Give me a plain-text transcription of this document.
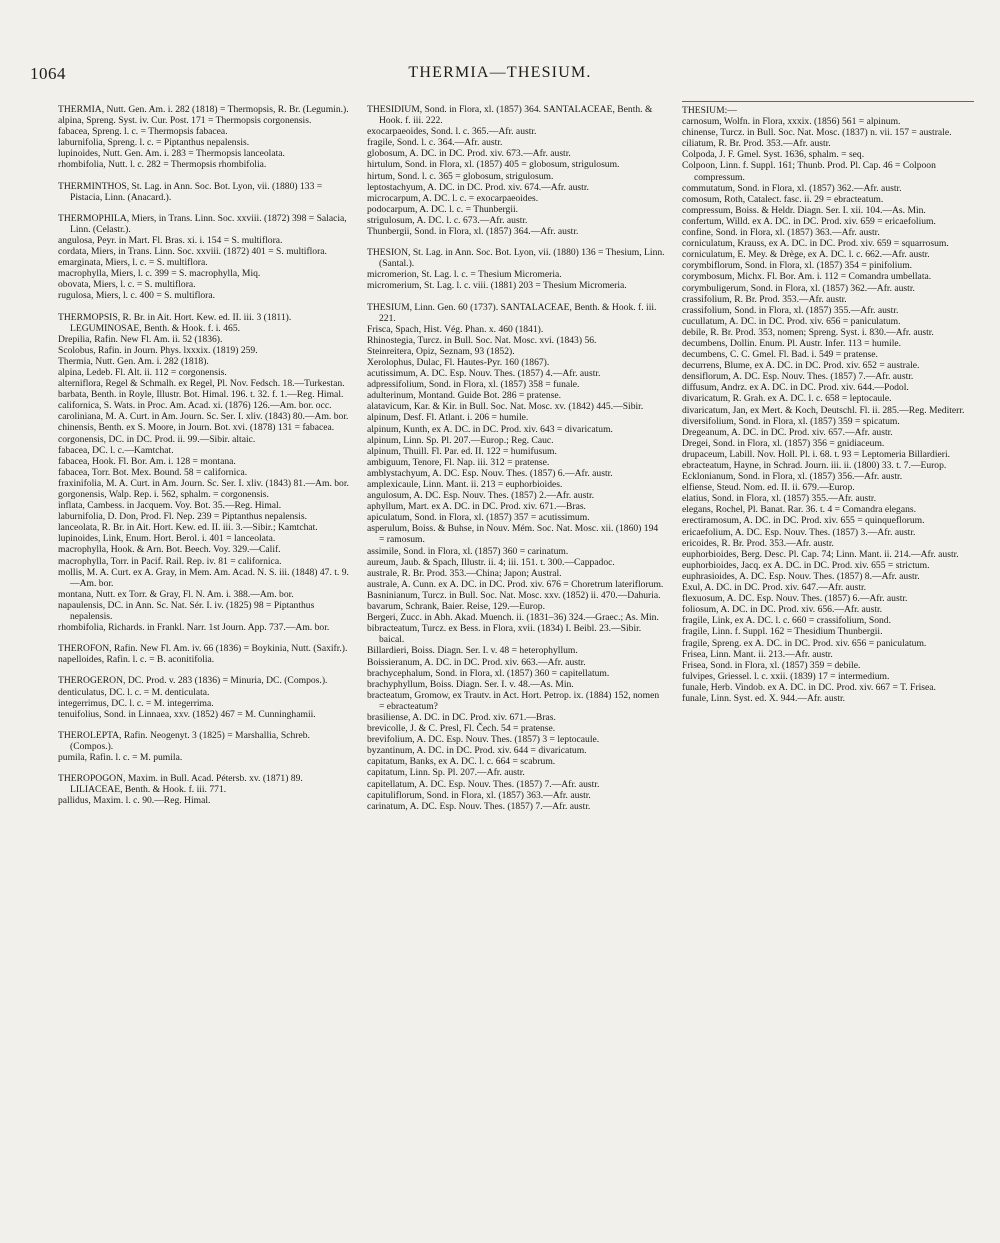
1064	THERMIA—THESIUM.

THERMIA, Nutt. Gen. Am. i. 282 (1818) = Thermopsis, R. Br. (Legumin.).

alpina, Spreng. Syst. iv. Cur. Post. 171 = Thermopsis corgonensis.

fabacea, Spreng. l. c. = Thermopsis fabacea.

laburnifolia, Spreng. l. c. = Piptanthus nepalensis.

lupinoides, Nutt. Gen. Am. i. 283 = Thermopsis lanceolata.

rhombifolia, Nutt. l. c. 282 = Thermopsis rhombifolia.

THERMINTHOS, St. Lag. in Ann. Soc. Bot. Lyon, vii. (1880) 133 = Pistacia, Linn. (Anacard.).

THERMOPHILA, Miers, in Trans. Linn. Soc. xxviii. (1872) 398 = Salacia, Linn. (Celastr.).

angulosa, Peyr. in Mart. Fl. Bras. xi. i. 154 = S. multiflora.

cordata, Miers, in Trans. Linn. Soc. xxviii. (1872) 401 = S. multiflora.

emarginata, Miers, l. c. = S. multiflora.

macrophylla, Miers, l. c. 399 = S. macrophylla, Miq.

obovata, Miers, l. c. = S. multiflora.

rugulosa, Miers, l. c. 400 = S. multiflora.

THERMOPSIS, R. Br. in Ait. Hort. Kew. ed. II. iii. 3 (1811). LEGUMINOSAE, Benth. & Hook. f. i. 465.

Drepilia, Rafin. New Fl. Am. ii. 52 (1836).

Scolobus, Rafin. in Journ. Phys. lxxxix. (1819) 259.

Thermia, Nutt. Gen. Am. i. 282 (1818).

alpina, Ledeb. Fl. Alt. ii. 112 = corgonensis.

alterniflora, Regel & Schmalh. ex Regel, Pl. Nov. Fedsch. 18.—Turkestan.

barbata, Benth. in Royle, Illustr. Bot. Himal. 196. t. 32. f. 1.—Reg. Himal.

californica, S. Wats. in Proc. Am. Acad. xi. (1876) 126.—Am. bor. occ.

caroliniana, M. A. Curt. in Am. Journ. Sc. Ser. I. xliv. (1843) 80.—Am. bor.

chinensis, Benth. ex S. Moore, in Journ. Bot. xvi. (1878) 131 = fabacea.

corgonensis, DC. in DC. Prod. ii. 99.—Sibir. altaic.

fabacea, DC. l. c.—Kamtchat.

fabacea, Hook. Fl. Bor. Am. i. 128 = montana.

fabacea, Torr. Bot. Mex. Bound. 58 = californica.

fraxinifolia, M. A. Curt. in Am. Journ. Sc. Ser. I. xliv. (1843) 81.—Am. bor.

gorgonensis, Walp. Rep. i. 562, sphalm. = corgonensis.

inflata, Cambess. in Jacquem. Voy. Bot. 35.—Reg. Himal.

laburnifolia, D. Don, Prod. Fl. Nep. 239 = Piptanthus nepalensis.

lanceolata, R. Br. in Ait. Hort. Kew. ed. II. iii. 3.—Sibir.; Kamtchat.

lupinoides, Link, Enum. Hort. Berol. i. 401 = lanceolata.

macrophylla, Hook. & Arn. Bot. Beech. Voy. 329.—Calif.

macrophylla, Torr. in Pacif. Rail. Rep. iv. 81 = californica.

mollis, M. A. Curt. ex A. Gray, in Mem. Am. Acad. N. S. iii. (1848) 47. t. 9.—Am. bor.

montana, Nutt. ex Torr. & Gray, Fl. N. Am. i. 388.—Am. bor.

napaulensis, DC. in Ann. Sc. Nat. Sér. I. iv. (1825) 98 = Piptanthus nepalensis.

rhombifolia, Richards. in Frankl. Narr. 1st Journ. App. 737.—Am. bor.

THEROFON, Rafin. New Fl. Am. iv. 66 (1836) = Boykinia, Nutt. (Saxifr.).

napelloides, Rafin. l. c. = B. aconitifolia.

THEROGERON, DC. Prod. v. 283 (1836) = Minuria, DC. (Compos.).

denticulatus, DC. l. c. = M. denticulata.

integerrimus, DC. l. c. = M. integerrima.

tenuifolius, Sond. in Linnaea, xxv. (1852) 467 = M. Cunninghamii.

THEROLEPTA, Rafin. Neogenyt. 3 (1825) = Marshallia, Schreb. (Compos.).

pumila, Rafin. l. c. = M. pumila.

THEROPOGON, Maxim. in Bull. Acad. Pétersb. xv. (1871) 89. LILIACEAE, Benth. & Hook. f. iii. 771.

pallidus, Maxim. l. c. 90.—Reg. Himal.

THESIDIUM, Sond. in Flora, xl. (1857) 364. SANTALACEAE, Benth. & Hook. f. iii. 222.

exocarpaeoides, Sond. l. c. 365.—Afr. austr.

fragile, Sond. l. c. 364.—Afr. austr.

globosum, A. DC. in DC. Prod. xiv. 673.—Afr. austr.

hirtulum, Sond. in Flora, xl. (1857) 405 = globosum, strigulosum.

hirtum, Sond. l. c. 365 = globosum, strigulosum.

leptostachyum, A. DC. in DC. Prod. xiv. 674.—Afr. austr.

microcarpum, A. DC. l. c. = exocarpaeoides.

podocarpum, A. DC. l. c. = Thunbergii.

strigulosum, A. DC. l. c. 673.—Afr. austr.

Thunbergii, Sond. in Flora, xl. (1857) 364.—Afr. austr.

THESION, St. Lag. in Ann. Soc. Bot. Lyon, vii. (1880) 136 = Thesium, Linn. (Santal.).

micromerion, St. Lag. l. c. = Thesium Micromeria.

micromerium, St. Lag. l. c. viii. (1881) 203 = Thesium Micromeria.

THESIUM, Linn. Gen. 60 (1737). SANTALACEAE, Benth. & Hook. f. iii. 221.

Frisca, Spach, Hist. Vég. Phan. x. 460 (1841).

Rhinostegia, Turcz. in Bull. Soc. Nat. Mosc. xvi. (1843) 56.

Steinreitera, Opiz, Seznam, 93 (1852).

Xerolophus, Dulac, Fl. Hautes-Pyr. 160 (1867).

acutissimum, A. DC. Esp. Nouv. Thes. (1857) 4.—Afr. austr.

adpressifolium, Sond. in Flora, xl. (1857) 358 = funale.

adulterinum, Montand. Guide Bot. 286 = pratense.

alatavicum, Kar. & Kir. in Bull. Soc. Nat. Mosc. xv. (1842) 445.—Sibir.

alpinum, Desf. Fl. Atlant. i. 206 = humile.

alpinum, Kunth, ex A. DC. in DC. Prod. xiv. 643 = divaricatum.

alpinum, Linn. Sp. Pl. 207.—Europ.; Reg. Cauc.

alpinum, Thuill. Fl. Par. ed. II. 122 = humifusum.

ambiguum, Tenore, Fl. Nap. iii. 312 = pratense.

amblystachyum, A. DC. Esp. Nouv. Thes. (1857) 6.—Afr. austr.

amplexicaule, Linn. Mant. ii. 213 = euphorbioides.

angulosum, A. DC. Esp. Nouv. Thes. (1857) 2.—Afr. austr.

aphyllum, Mart. ex A. DC. in DC. Prod. xiv. 671.—Bras.

apiculatum, Sond. in Flora, xl. (1857) 357 = acutissimum.

asperulum, Boiss. & Buhse, in Nouv. Mém. Soc. Nat. Mosc. xii. (1860) 194 = ramosum.

assimile, Sond. in Flora, xl. (1857) 360 = carinatum.

aureum, Jaub. & Spach, Illustr. ii. 4; iii. 151. t. 300.—Cappadoc.

australe, R. Br. Prod. 353.—China; Japon; Austral.

australe, A. Cunn. ex A. DC. in DC. Prod. xiv. 676 = Choretrum lateriflorum.

Basninianum, Turcz. in Bull. Soc. Nat. Mosc. xxv. (1852) ii. 470.—Dahuria.

bavarum, Schrank, Baier. Reise, 129.—Europ.

Bergeri, Zucc. in Abh. Akad. Muench. ii. (1831–36) 324.—Graec.; As. Min.

bibracteatum, Turcz. ex Bess. in Flora, xvii. (1834) I. Beibl. 23.—Sibir. baical.

Billardieri, Boiss. Diagn. Ser. I. v. 48 = heterophyllum.

Boissieranum, A. DC. in DC. Prod. xiv. 663.—Afr. austr.

brachycephalum, Sond. in Flora, xl. (1857) 360 = capitellatum.

brachyphyllum, Boiss. Diagn. Ser. I. v. 48.—As. Min.

bracteatum, Gromow, ex Trautv. in Act. Hort. Petrop. ix. (1884) 152, nomen = ebracteatum?

brasiliense, A. DC. in DC. Prod. xiv. 671.—Bras.

brevicolle, J. & C. Presl, Fl. Čech. 54 = pratense.

brevifolium, A. DC. Esp. Nouv. Thes. (1857) 3 = leptocaule.

byzantinum, A. DC. in DC. Prod. xiv. 644 = divaricatum.

capitatum, Banks, ex A. DC. l. c. 664 = scabrum.

capitatum, Linn. Sp. Pl. 207.—Afr. austr.

capitellatum, A. DC. Esp. Nouv. Thes. (1857) 7.—Afr. austr.

capituliflorum, Sond. in Flora, xl. (1857) 363.—Afr. austr.

carinatum, A. DC. Esp. Nouv. Thes. (1857) 7.—Afr. austr.

THESIUM:—

carnosum, Wolfn. in Flora, xxxix. (1856) 561 = alpinum.

chinense, Turcz. in Bull. Soc. Nat. Mosc. (1837) n. vii. 157 = australe.

ciliatum, R. Br. Prod. 353.—Afr. austr.

Colpoda, J. F. Gmel. Syst. 1636, sphalm. = seq.

Colpoon, Linn. f. Suppl. 161; Thunb. Prod. Pl. Cap. 46 = Colpoon compressum.

commutatum, Sond. in Flora, xl. (1857) 362.—Afr. austr.

comosum, Roth, Catalect. fasc. ii. 29 = ebracteatum.

compressum, Boiss. & Heldr. Diagn. Ser. I. xii. 104.—As. Min.

confertum, Willd. ex A. DC. in DC. Prod. xiv. 659 = ericaefolium.

confine, Sond. in Flora, xl. (1857) 363.—Afr. austr.

corniculatum, Krauss, ex A. DC. in DC. Prod. xiv. 659 = squarrosum.

corniculatum, E. Mey. & Drège, ex A. DC. l. c. 662.—Afr. austr.

corymbiflorum, Sond. in Flora, xl. (1857) 354 = pinifolium.

corymbosum, Michx. Fl. Bor. Am. i. 112 = Comandra umbellata.

corymbuligerum, Sond. in Flora, xl. (1857) 362.—Afr. austr.

crassifolium, R. Br. Prod. 353.—Afr. austr.

crassifolium, Sond. in Flora, xl. (1857) 355.—Afr. austr.

cucullatum, A. DC. in DC. Prod. xiv. 656 = paniculatum.

debile, R. Br. Prod. 353, nomen; Spreng. Syst. i. 830.—Afr. austr.

decumbens, Dollin. Enum. Pl. Austr. Infer. 113 = humile.

decumbens, C. C. Gmel. Fl. Bad. i. 549 = pratense.

decurrens, Blume, ex A. DC. in DC. Prod. xiv. 652 = australe.

densiflorum, A. DC. Esp. Nouv. Thes. (1857) 7.—Afr. austr.

diffusum, Andrz. ex A. DC. in DC. Prod. xiv. 644.—Podol.

divaricatum, R. Grah. ex A. DC. l. c. 658 = leptocaule.

divaricatum, Jan, ex Mert. & Koch, Deutschl. Fl. ii. 285.—Reg. Mediterr.

diversifolium, Sond. in Flora, xl. (1857) 359 = spicatum.

Dregeanum, A. DC. in DC. Prod. xiv. 657.—Afr. austr.

Dregei, Sond. in Flora, xl. (1857) 356 = gnidiaceum.

drupaceum, Labill. Nov. Holl. Pl. i. 68. t. 93 = Leptomeria Billardieri.

ebracteatum, Hayne, in Schrad. Journ. iii. ii. (1800) 33. t. 7.—Europ.

Ecklonianum, Sond. in Flora, xl. (1857) 356.—Afr. austr.

elfiense, Steud. Nom. ed. II. ii. 679.—Europ.

elatius, Sond. in Flora, xl. (1857) 355.—Afr. austr.

elegans, Rochel, Pl. Banat. Rar. 36. t. 4 = Comandra elegans.

erectiramosum, A. DC. in DC. Prod. xiv. 655 = quinqueflorum.

ericaefolium, A. DC. Esp. Nouv. Thes. (1857) 3.—Afr. austr.

ericoides, R. Br. Prod. 353.—Afr. austr.

euphorbioides, Berg. Desc. Pl. Cap. 74; Linn. Mant. ii. 214.—Afr. austr.

euphorbioides, Jacq. ex A. DC. in DC. Prod. xiv. 655 = strictum.

euphrasioides, A. DC. Esp. Nouv. Thes. (1857) 8.—Afr. austr.

Exul, A. DC. in DC. Prod. xiv. 647.—Afr. austr.

flexuosum, A. DC. Esp. Nouv. Thes. (1857) 6.—Afr. austr.

foliosum, A. DC. in DC. Prod. xiv. 656.—Afr. austr.

fragile, Link, ex A. DC. l. c. 660 = crassifolium, Sond.

fragile, Linn. f. Suppl. 162 = Thesidium Thunbergii.

fragile, Spreng. ex A. DC. in DC. Prod. xiv. 656 = paniculatum.

Frisea, Linn. Mant. ii. 213.—Afr. austr.

Frisea, Sond. in Flora, xl. (1857) 359 = debile.

fulvipes, Griessel. l. c. xxii. (1839) 17 = intermedium.

funale, Herb. Vindob. ex A. DC. in DC. Prod. xiv. 667 = T. Frisea.

funale, Linn. Syst. ed. X. 944.—Afr. austr.
